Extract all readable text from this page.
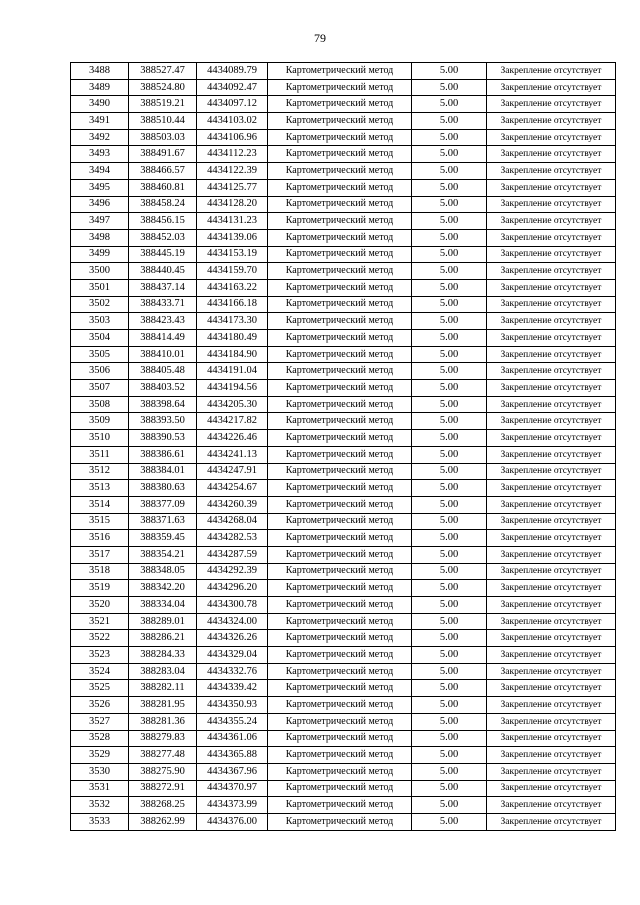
79
3488	388527.47	4434089.79	Картометрический метод	5.00	Закрепление отсутствует
3489	388524.80	4434092.47	Картометрический метод	5.00	Закрепление отсутствует
3490	388519.21	4434097.12	Картометрический метод	5.00	Закрепление отсутствует
3491	388510.44	4434103.02	Картометрический метод	5.00	Закрепление отсутствует
3492	388503.03	4434106.96	Картометрический метод	5.00	Закрепление отсутствует
3493	388491.67	4434112.23	Картометрический метод	5.00	Закрепление отсутствует
3494	388466.57	4434122.39	Картометрический метод	5.00	Закрепление отсутствует
3495	388460.81	4434125.77	Картометрический метод	5.00	Закрепление отсутствует
3496	388458.24	4434128.20	Картометрический метод	5.00	Закрепление отсутствует
3497	388456.15	4434131.23	Картометрический метод	5.00	Закрепление отсутствует
3498	388452.03	4434139.06	Картометрический метод	5.00	Закрепление отсутствует
3499	388445.19	4434153.19	Картометрический метод	5.00	Закрепление отсутствует
3500	388440.45	4434159.70	Картометрический метод	5.00	Закрепление отсутствует
3501	388437.14	4434163.22	Картометрический метод	5.00	Закрепление отсутствует
3502	388433.71	4434166.18	Картометрический метод	5.00	Закрепление отсутствует
3503	388423.43	4434173.30	Картометрический метод	5.00	Закрепление отсутствует
3504	388414.49	4434180.49	Картометрический метод	5.00	Закрепление отсутствует
3505	388410.01	4434184.90	Картометрический метод	5.00	Закрепление отсутствует
3506	388405.48	4434191.04	Картометрический метод	5.00	Закрепление отсутствует
3507	388403.52	4434194.56	Картометрический метод	5.00	Закрепление отсутствует
3508	388398.64	4434205.30	Картометрический метод	5.00	Закрепление отсутствует
3509	388393.50	4434217.82	Картометрический метод	5.00	Закрепление отсутствует
3510	388390.53	4434226.46	Картометрический метод	5.00	Закрепление отсутствует
3511	388386.61	4434241.13	Картометрический метод	5.00	Закрепление отсутствует
3512	388384.01	4434247.91	Картометрический метод	5.00	Закрепление отсутствует
3513	388380.63	4434254.67	Картометрический метод	5.00	Закрепление отсутствует
3514	388377.09	4434260.39	Картометрический метод	5.00	Закрепление отсутствует
3515	388371.63	4434268.04	Картометрический метод	5.00	Закрепление отсутствует
3516	388359.45	4434282.53	Картометрический метод	5.00	Закрепление отсутствует
3517	388354.21	4434287.59	Картометрический метод	5.00	Закрепление отсутствует
3518	388348.05	4434292.39	Картометрический метод	5.00	Закрепление отсутствует
3519	388342.20	4434296.20	Картометрический метод	5.00	Закрепление отсутствует
3520	388334.04	4434300.78	Картометрический метод	5.00	Закрепление отсутствует
3521	388289.01	4434324.00	Картометрический метод	5.00	Закрепление отсутствует
3522	388286.21	4434326.26	Картометрический метод	5.00	Закрепление отсутствует
3523	388284.33	4434329.04	Картометрический метод	5.00	Закрепление отсутствует
3524	388283.04	4434332.76	Картометрический метод	5.00	Закрепление отсутствует
3525	388282.11	4434339.42	Картометрический метод	5.00	Закрепление отсутствует
3526	388281.95	4434350.93	Картометрический метод	5.00	Закрепление отсутствует
3527	388281.36	4434355.24	Картометрический метод	5.00	Закрепление отсутствует
3528	388279.83	4434361.06	Картометрический метод	5.00	Закрепление отсутствует
3529	388277.48	4434365.88	Картометрический метод	5.00	Закрепление отсутствует
3530	388275.90	4434367.96	Картометрический метод	5.00	Закрепление отсутствует
3531	388272.91	4434370.97	Картометрический метод	5.00	Закрепление отсутствует
3532	388268.25	4434373.99	Картометрический метод	5.00	Закрепление отсутствует
3533	388262.99	4434376.00	Картометрический метод	5.00	Закрепление отсутствует
